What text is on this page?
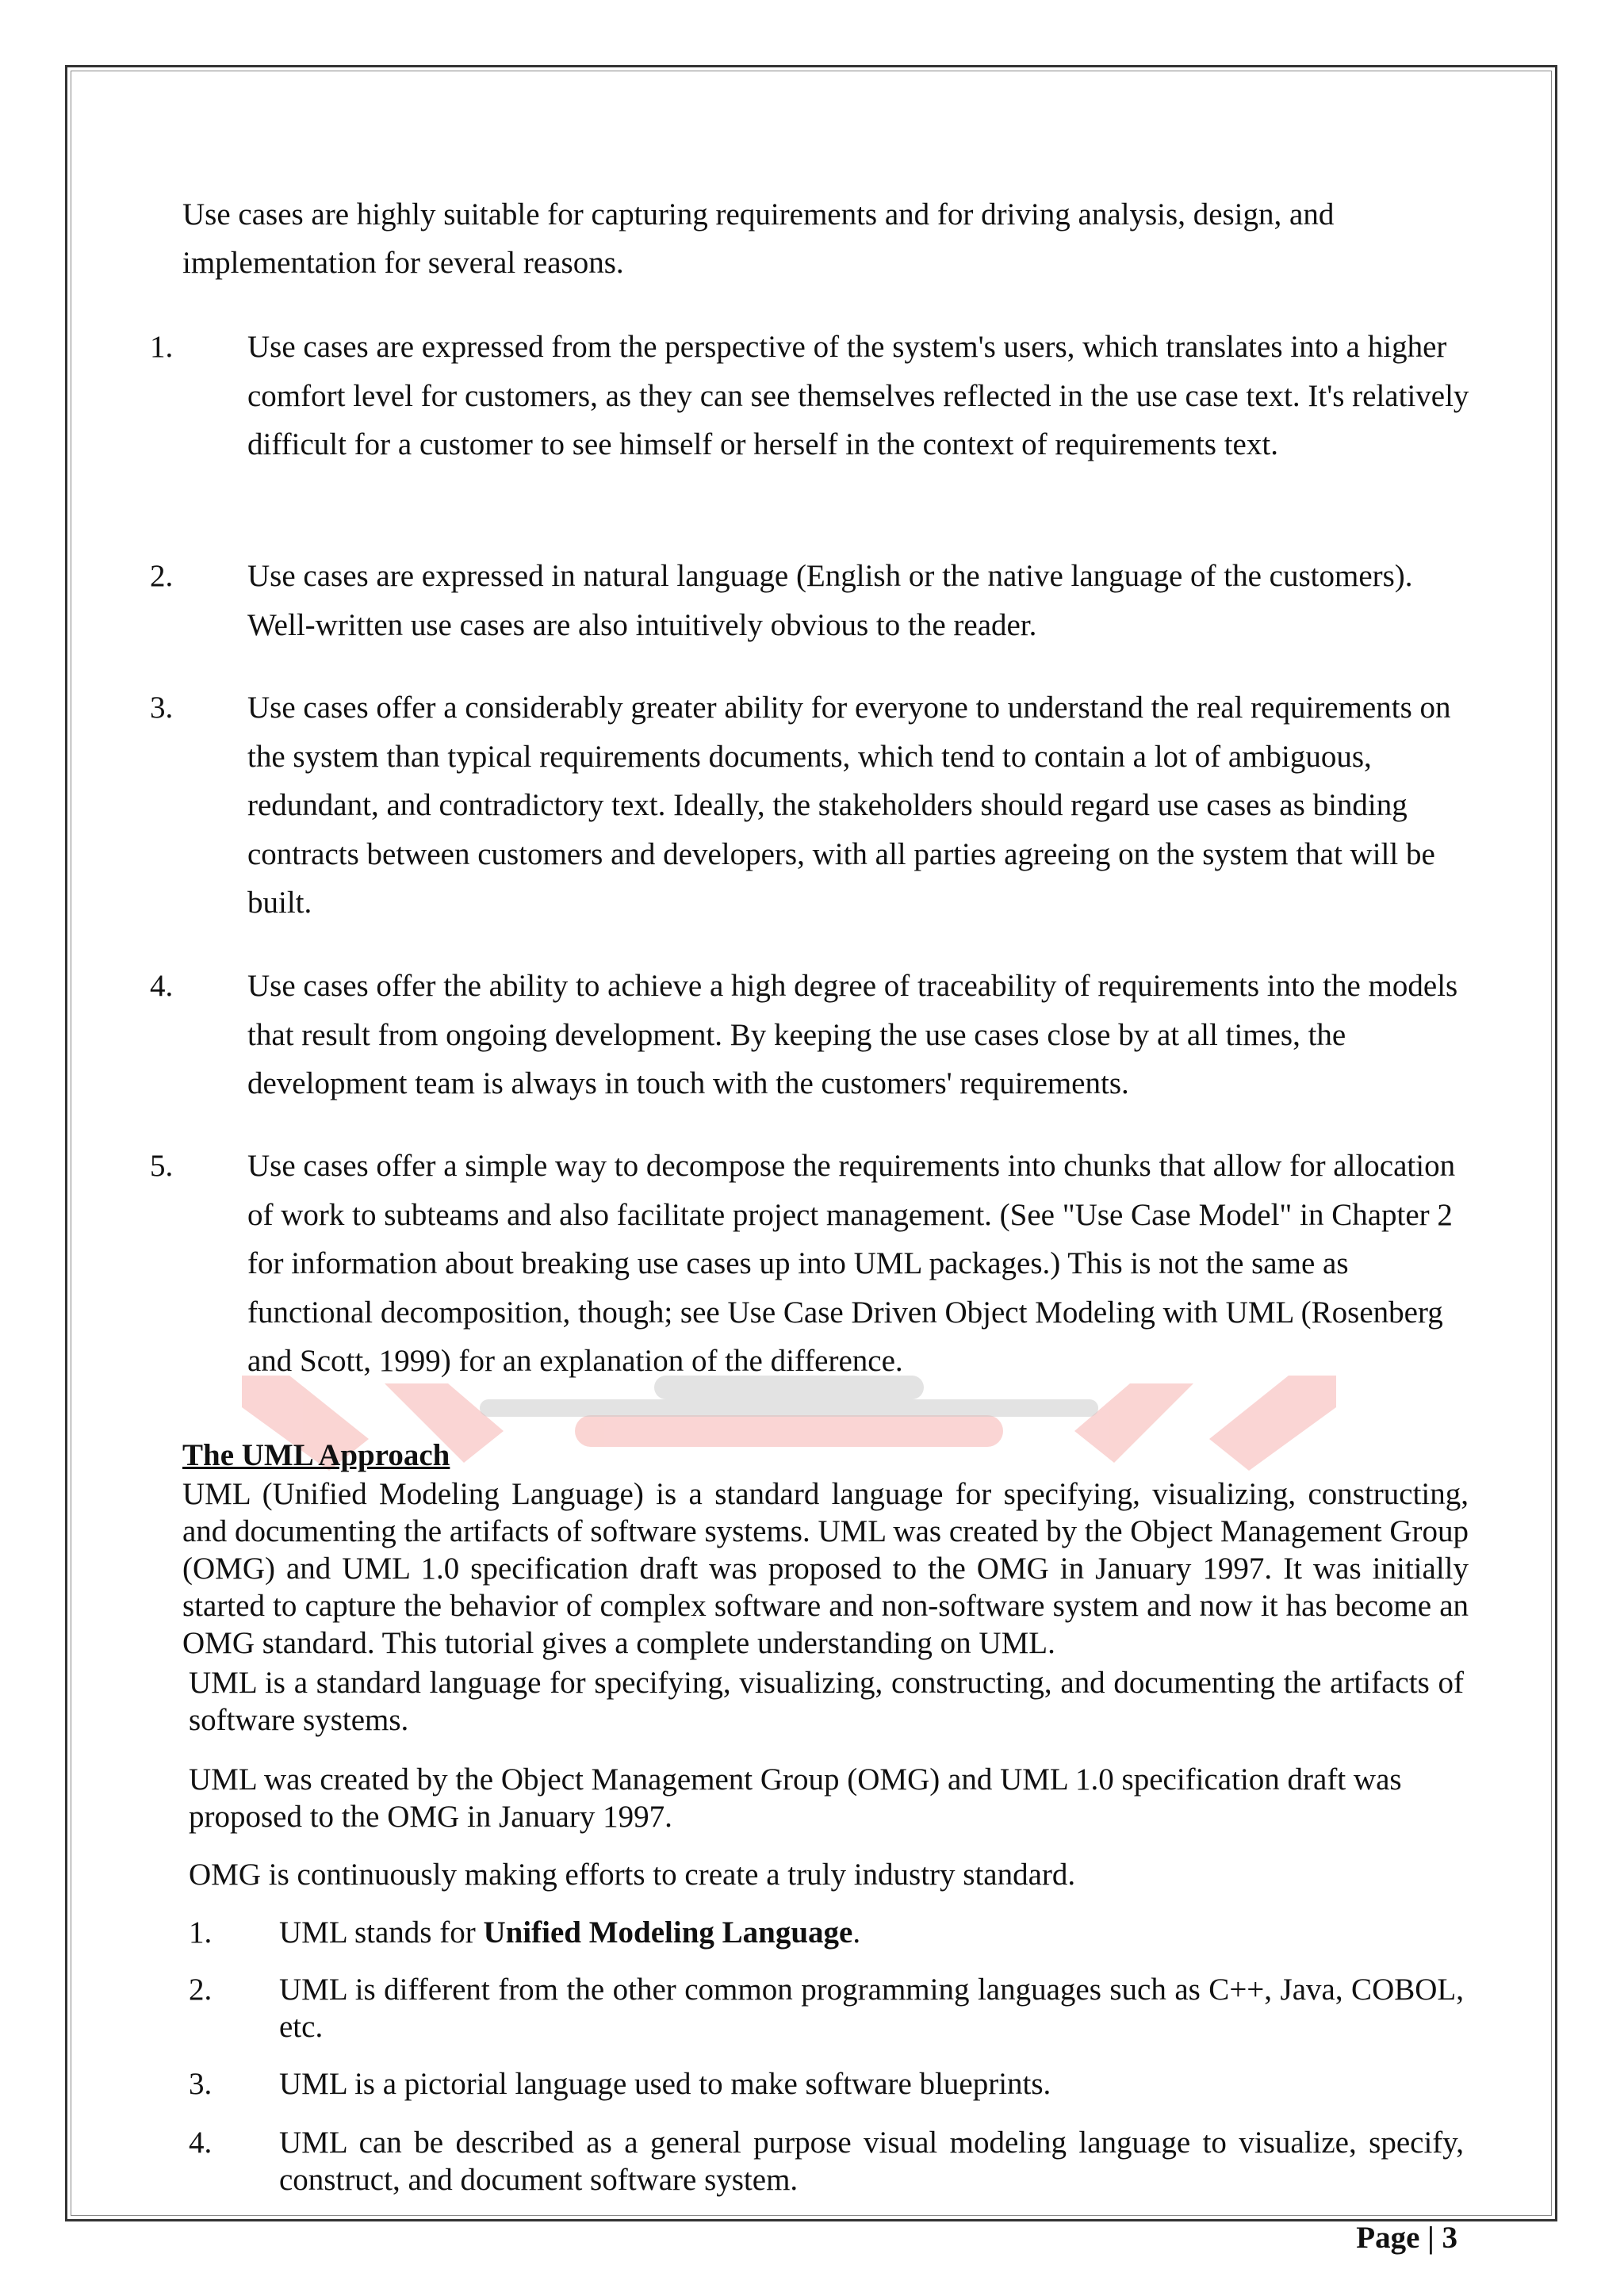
Use cases are highly suitable for capturing requirements and for driving analysis, design, and implementation for several reasons.
1. Use cases are expressed from the perspective of the system's users, which translates into a higher comfort level for customers, as they can see themselves reflected in the use case text. It's relatively difficult for a customer to see himself or herself in the context of requirements text.
2. Use cases are expressed in natural language (English or the native language of the customers). Well-written use cases are also intuitively obvious to the reader.
3. Use cases offer a considerably greater ability for everyone to understand the real requirements on the system than typical requirements documents, which tend to contain a lot of ambiguous, redundant, and contradictory text. Ideally, the stakeholders should regard use cases as binding contracts between customers and developers, with all parties agreeing on the system that will be built.
4. Use cases offer the ability to achieve a high degree of traceability of requirements into the models that result from ongoing development. By keeping the use cases close by at all times, the development team is always in touch with the customers' requirements.
5. Use cases offer a simple way to decompose the requirements into chunks that allow for allocation of work to subteams and also facilitate project management. (See "Use Case Model" in Chapter 2 for information about breaking use cases up into UML packages.) This is not the same as functional decomposition, though; see Use Case Driven Object Modeling with UML (Rosenberg and Scott, 1999) for an explanation of the difference.
The UML Approach
UML (Unified Modeling Language) is a standard language for specifying, visualizing, constructing, and documenting the artifacts of software systems. UML was created by the Object Management Group (OMG) and UML 1.0 specification draft was proposed to the OMG in January 1997. It was initially started to capture the behavior of complex software and non-software system and now it has become an OMG standard. This tutorial gives a complete understanding on UML.
UML is a standard language for specifying, visualizing, constructing, and documenting the artifacts of software systems.
UML was created by the Object Management Group (OMG) and UML 1.0 specification draft was proposed to the OMG in January 1997.
OMG is continuously making efforts to create a truly industry standard.
1. UML stands for Unified Modeling Language.
2. UML is different from the other common programming languages such as C++, Java, COBOL, etc.
3. UML is a pictorial language used to make software blueprints.
4. UML can be described as a general purpose visual modeling language to visualize, specify, construct, and document software system.
Page | 3
